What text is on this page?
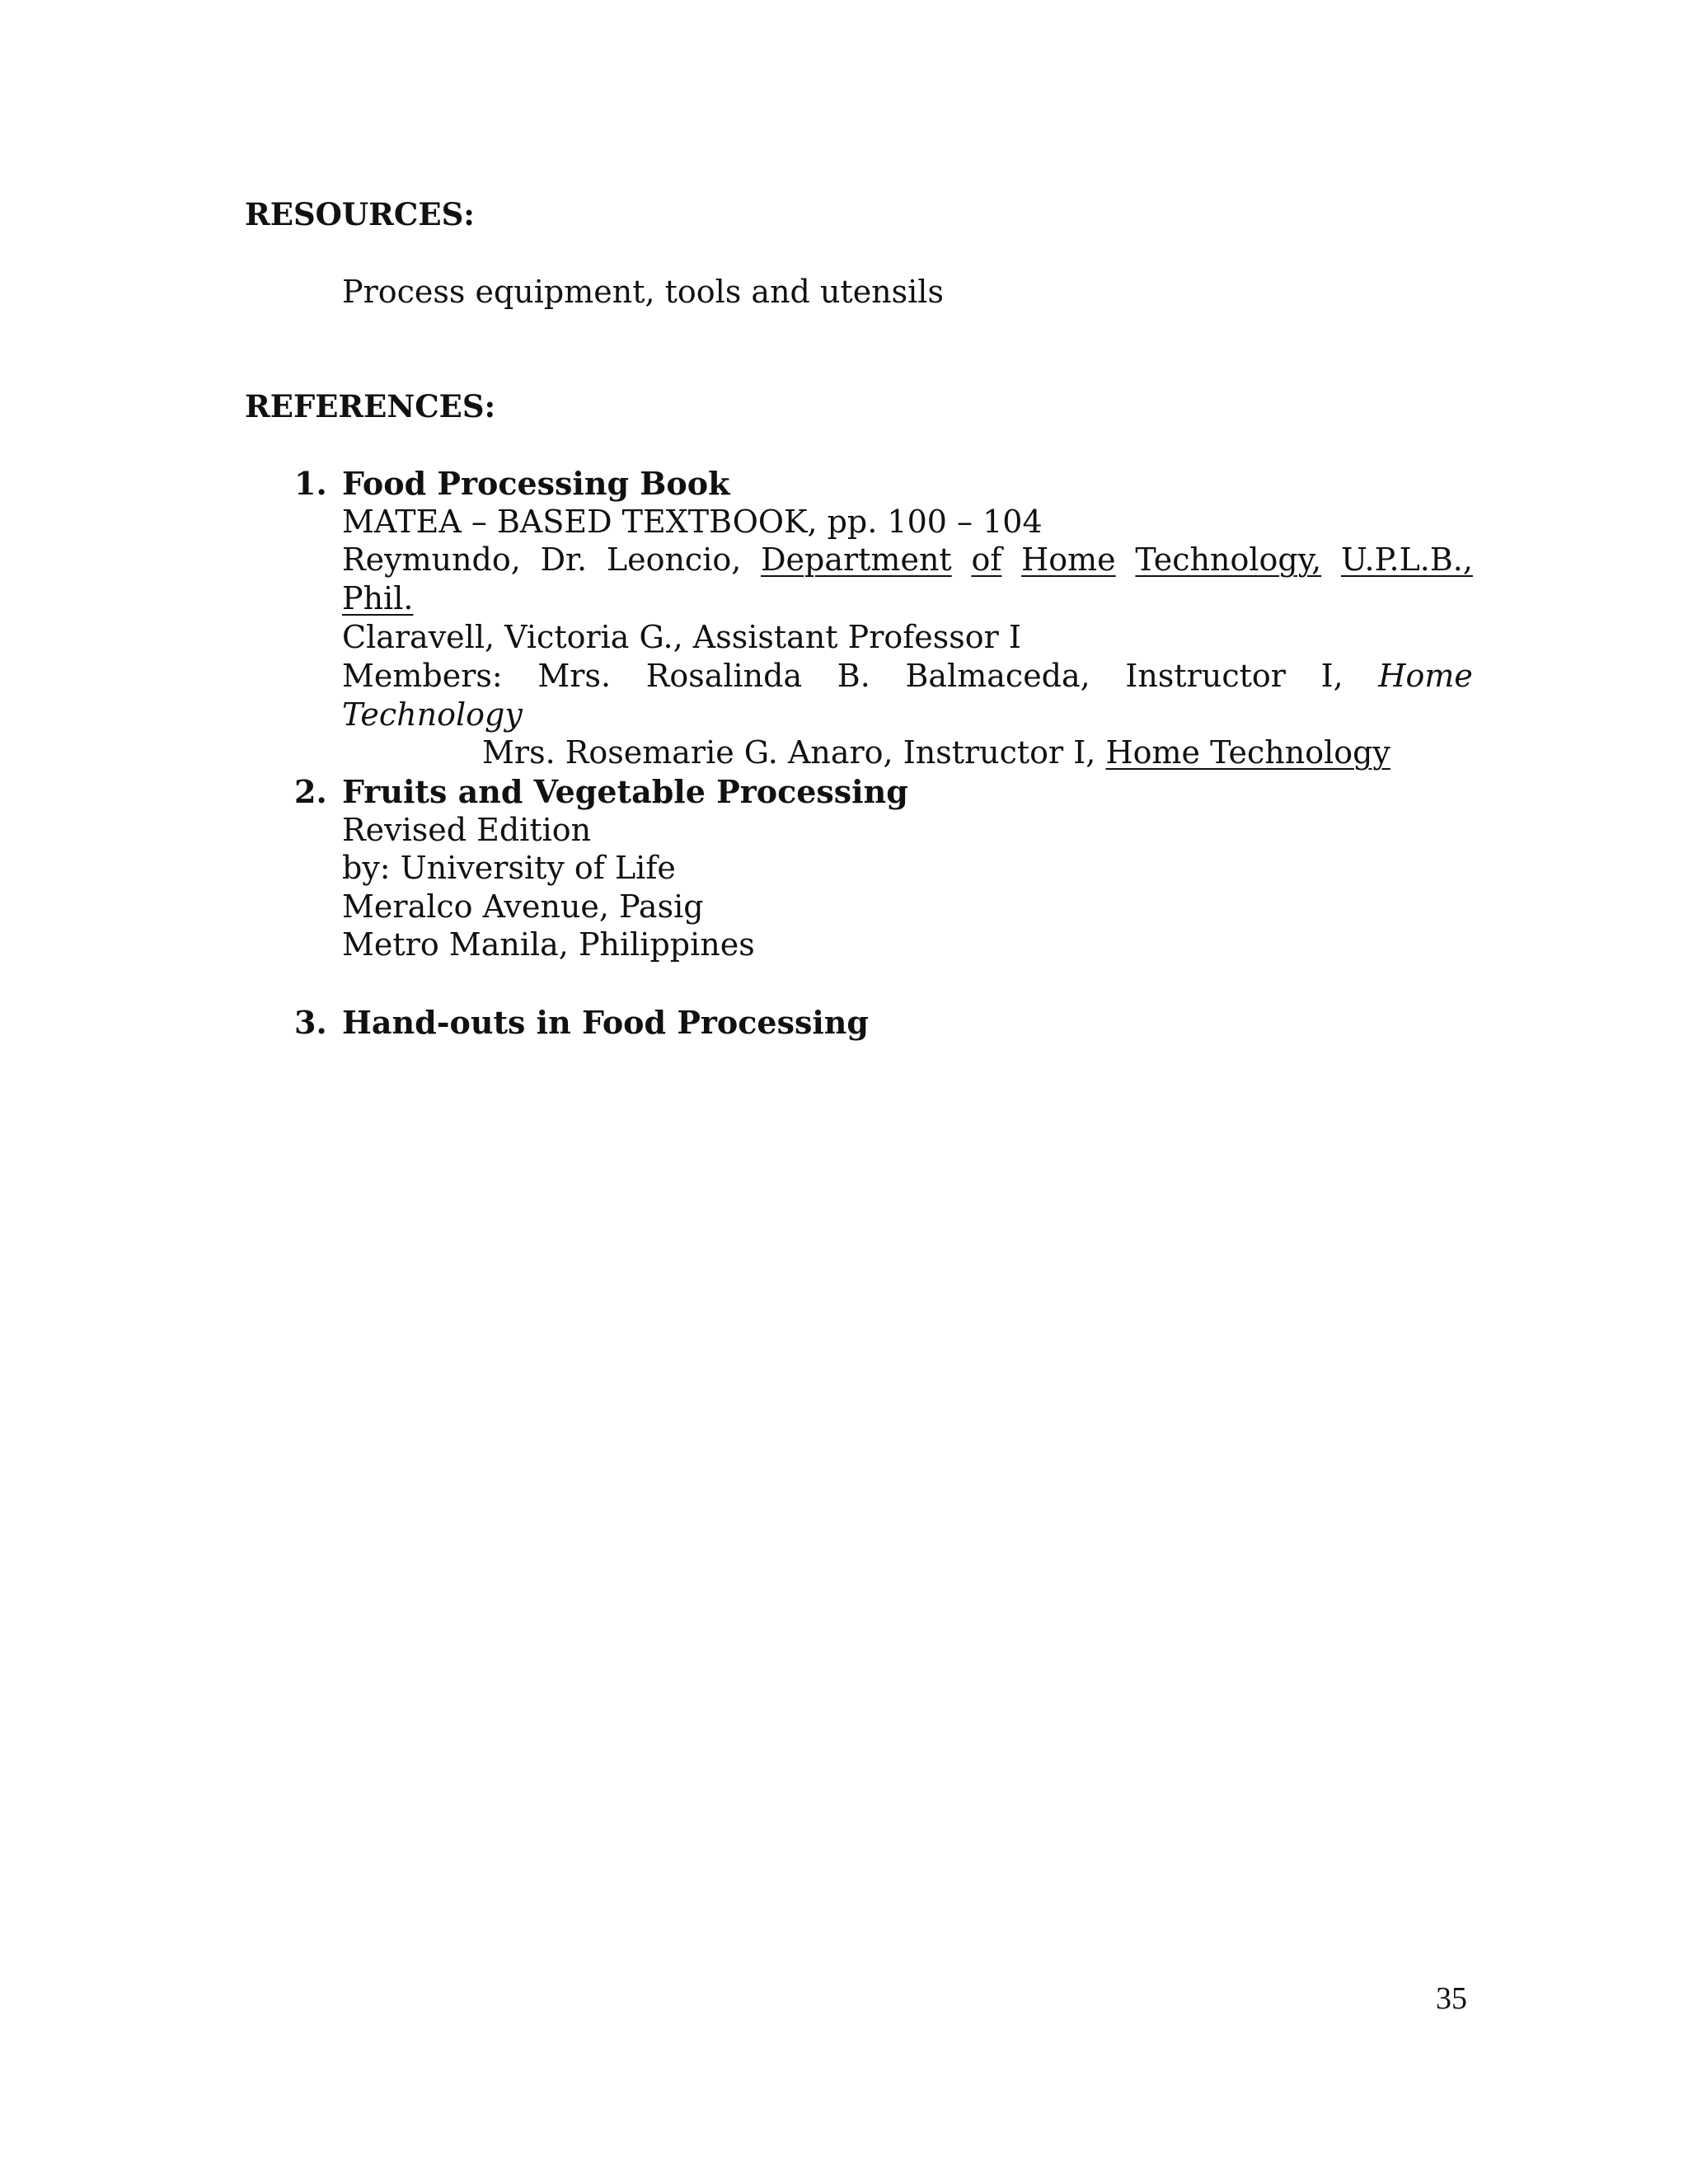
RESOURCES:
Process equipment, tools and utensils
REFERENCES:
1. Food Processing Book
MATEA – BASED TEXTBOOK, pp. 100 – 104
Reymundo, Dr. Leoncio, Department of Home Technology, U.P.L.B.,
Phil.
Claravell, Victoria G., Assistant Professor I
Members: Mrs. Rosalinda B. Balmaceda, Instructor I, Home
Technology
Mrs. Rosemarie G. Anaro, Instructor I, Home Technology
2. Fruits and Vegetable Processing
Revised Edition
by: University of Life
Meralco Avenue, Pasig
Metro Manila, Philippines
3. Hand-outs in Food Processing
35
